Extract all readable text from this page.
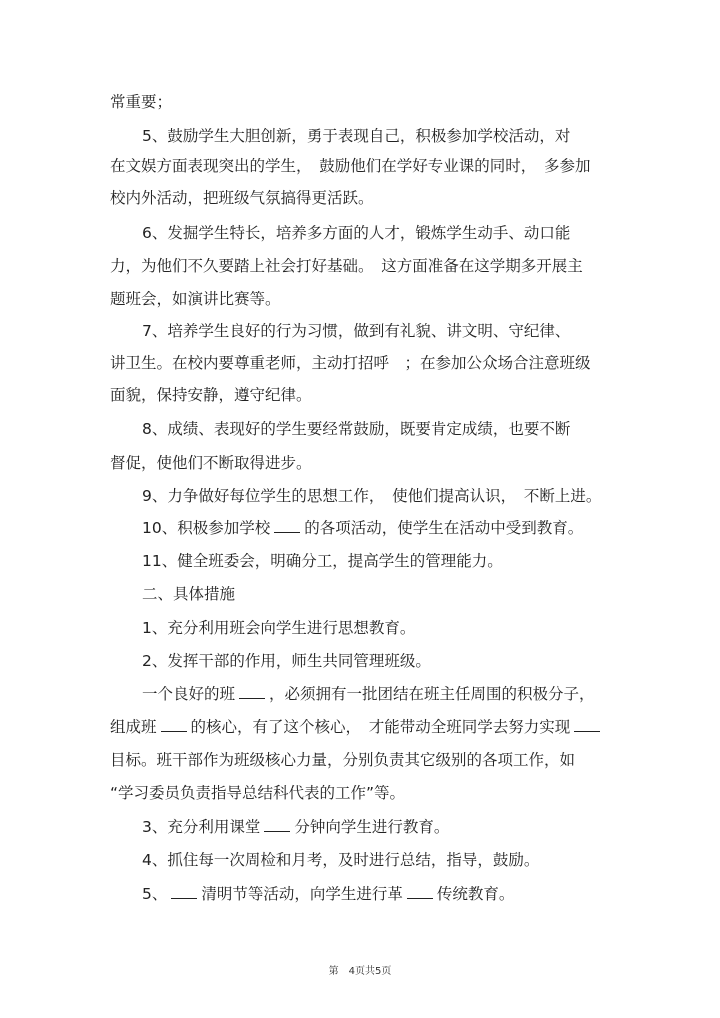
常重要；
5、鼓励学生大胆创新，勇于表现自己，积极参加学校活动，对
在文娱方面表现突出的学生，　鼓励他们在学好专业课的同时，　多参加
校内外活动，把班级气氛搞得更活跃。
6、发掘学生特长，培养多方面的人才，锻炼学生动手、动口能
力，为他们不久要踏上社会打好基础。　这方面准备在这学期多开展主
题班会，如演讲比赛等。
7、培养学生良好的行为习惯，做到有礼貌、讲文明、守纪律、
讲卫生。在校内要尊重老师，主动打招呼　；在参加公众场合注意班级
面貌，保持安静，遵守纪律。
8、成绩、表现好的学生要经常鼓励，既要肯定成绩，也要不断
督促，使他们不断取得进步。
9、力争做好每位学生的思想工作，　使他们提高认识，　不断上进。
10、积极参加学校 的各项活动，使学生在活动中受到教育。
11、健全班委会，明确分工，提高学生的管理能力。
二、具体措施
1、充分利用班会向学生进行思想教育。
2、发挥干部的作用，师生共同管理班级。
一个良好的班 ，必须拥有一批团结在班主任周围的积极分子，
组成班 的核心，有了这个核心，　才能带动全班同学去努力实现
目标。班干部作为班级核心力量，分别负责其它级别的各项工作，如
“学习委员负责指导总结科代表的工作”等。
3、充分利用课堂 分钟向学生进行教育。
4、抓住每一次周检和月考，及时进行总结，指导，鼓励。
5、 清明节等活动，向学生进行革 传统教育。
第　4页共5页
